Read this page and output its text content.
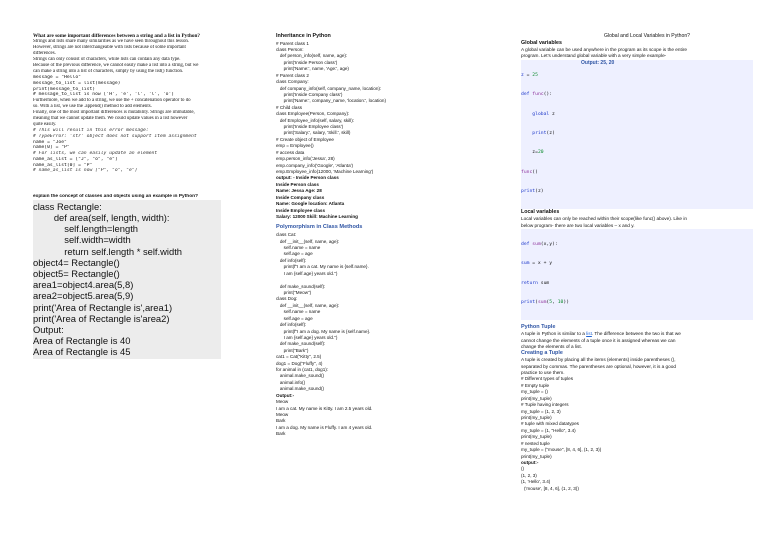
What are some important differences between a string and a list in Python?
Strings and lists share many similarities as we have seen throughout this lesson.
However, strings are not interchangeable with lists because of some important
differences.
Strings can only consist of characters, while lists can contain any data type.
Because of the previous difference, we cannot easily make a list into a string, but we
can make a string into a list of characters, simply by using the list() function.
message = "Hello"
message_to_list = list(message)
print(message_to_list)
# message_to_list is now ['H', 'e', 'l', 'l', 'o']
Furthermore, when we add to a string, we use the + concatenation operator to do
so. With a list, we use the .append() method to add elements.
Finally, one of the most important differences is mutability. Strings are immutable,
meaning that we cannot update them. We could update values in a list however
quite easily.
# This will result in this error message:
# TypeError: 'str' object does not support item assignment
name = "Joe"
name[0] = "P"
# For lists, we can easily update an element
name_as_list = ["J", "o", "e"]
name_as_list[0] = "P"
# name_as_list is now ["P", "o", "e"]
explain the concept of classes and objects using an example in Python?
class Rectangle:
def area(self, length, width):
self.length=length
self.width=width
return self.length * self.width
object4= Rectangle()
object5= Rectangle()
area1=object4.area(5,8)
area2=object5.area(5,9)
print('Area of Rectangle is',area1)
print('Area of Rectangle is'area2)
Output:
Area of Rectangle is 40
Area of Rectangle is 45
Inheritance in Python
# Parent class 1
class Person:
def person_info(self, name, age):
print('Inside Person class')
print('Name:', name, 'Age:', age)
# Parent class 2
class Company:
def company_info(self, company_name, location):
print('Inside Company class')
print('Name:', company_name, 'location:', location)
# Child class
class Employee(Person, Company):
def Employee_info(self, salary, skill):
print('Inside Employee class')
print('Salary:', salary, 'Skill:', skill)
# Create object of Employee
emp = Employee()
# access data
emp.person_info('Jessa', 28)
emp.company_info('Google', 'Atlanta')
emp.Employee_info(12000, 'Machine Learning')
output: - Inside Person class
Inside Person class
Name: Jessa Age: 28
Inside Company class
Name: Google location: Atlanta
Inside Employee class
Salary: 12000 Skill: Machine Learning
Polymorphism in Class Methods
class Cat:
def __init__(self, name, age):
self.name = name
self.age = age
def info(self):
print(f"I am a cat. My name is {self.name}.
I am {self.age} years old.")

def make_sound(self):
print("Meow")
class Dog:
def __init__(self, name, age):
self.name = name
self.age = age
def info(self):
print(f"I am a dog. My name is {self.name}.
I am {self.age} years old.")
def make_sound(self):
print("Bark")
cat1 = Cat("Kitty", 2.5)
dog1 = Dog("Fluffy", 4)
for animal in (cat1, dog1):
animal.make_sound()
animal.info()
animal.make_sound()
Output:-
Meow
I am a cat. My name is Kitty. I am 2.5 years old.
Meow
Bark
I am a dog. My name is Fluffy. I am 4 years old.
Bark
Global and Local Variables in Python?
Global variables
A global variable can be used anywhere in the program as its scope is the entire
program. Let's understand global variable with a very simple example-
Output: 25, 20

z = 25

def func():

global z

print(z)

z=20

func()

print(z)

Local variables
Local variables can only be reached within their scope(like func() above). Like in
below program- there are two local variables – x and y.

def sum(x,y):

sum = x + y

return sum

print(sum(5, 10))

Python Tuple
A tuple in Python is similar to a list. The difference between the two is that we
cannot change the elements of a tuple once it is assigned whereas we can
change the elements of a list.
Creating a Tuple
A tuple is created by placing all the items (elements) inside parentheses (),
separated by commas. The parentheses are optional, however, it is a good
practice to use them.
# Different types of tuples
# Empty tuple
my_tuple = ()
print(my_tuple)
# Tuple having integers
my_tuple = (1, 2, 3)
print(my_tuple)
# tuple with mixed datatypes
my_tuple = (1, "Hello", 3.4)
print(my_tuple)
# nested tuple
my_tuple = ("mouse", [8, 4, 6], (1, 2, 3))
print(my_tuple)
output:-
()
(1, 2, 3)
(1, 'Hello', 3.4)
('mouse', [8, 4, 6], (1, 2, 3))
